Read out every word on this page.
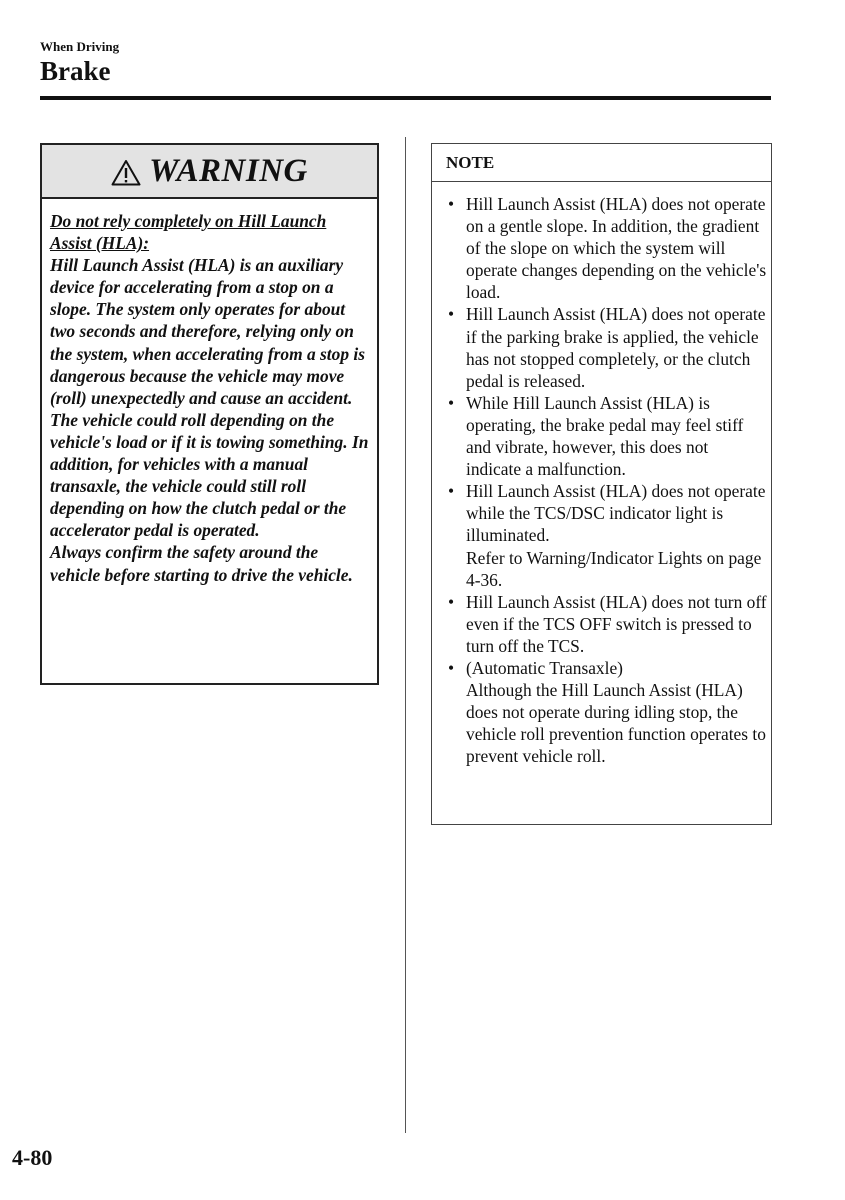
When Driving
Brake
WARNING

Do not rely completely on Hill Launch Assist (HLA):

Hill Launch Assist (HLA) is an auxiliary device for accelerating from a stop on a slope. The system only operates for about two seconds and therefore, relying only on the system, when accelerating from a stop is dangerous because the vehicle may move (roll) unexpectedly and cause an accident.

The vehicle could roll depending on the vehicle's load or if it is towing something. In addition, for vehicles with a manual transaxle, the vehicle could still roll depending on how the clutch pedal or the accelerator pedal is operated.

Always confirm the safety around the vehicle before starting to drive the vehicle.

NOTE
• Hill Launch Assist (HLA) does not operate on a gentle slope. In addition, the gradient of the slope on which the system will operate changes depending on the vehicle's load.
• Hill Launch Assist (HLA) does not operate if the parking brake is applied, the vehicle has not stopped completely, or the clutch pedal is released.
• While Hill Launch Assist (HLA) is operating, the brake pedal may feel stiff and vibrate, however, this does not indicate a malfunction.
• Hill Launch Assist (HLA) does not operate while the TCS/DSC indicator light is illuminated.
Refer to Warning/Indicator Lights on page 4-36.
• Hill Launch Assist (HLA) does not turn off even if the TCS OFF switch is pressed to turn off the TCS.
• (Automatic Transaxle)
Although the Hill Launch Assist (HLA) does not operate during idling stop, the vehicle roll prevention function operates to prevent vehicle roll.
4-80
